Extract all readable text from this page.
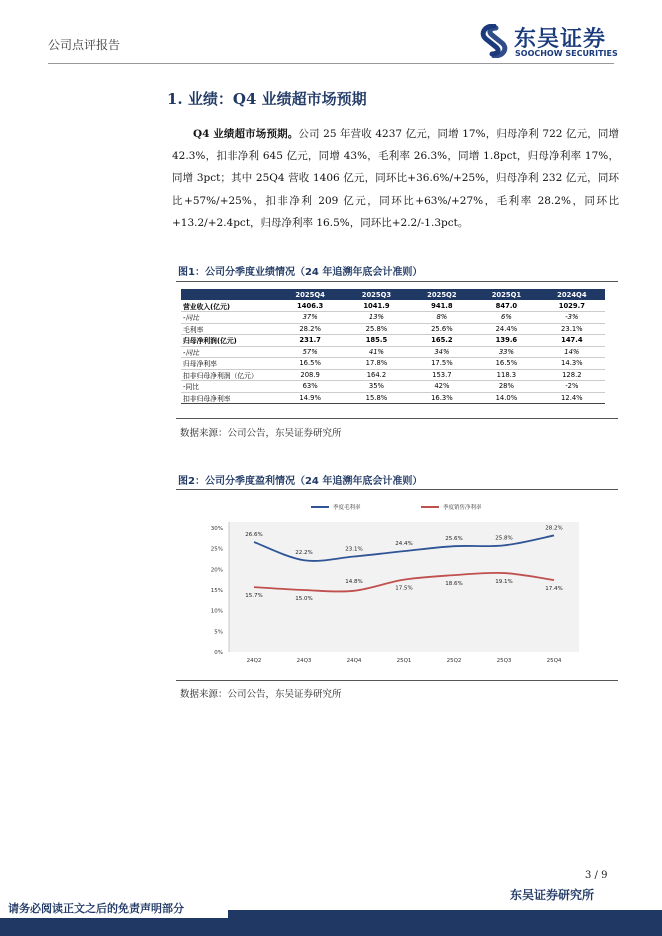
公司点评报告	东吴证券
SOOCHOW SECURITIES
1. 业绩：Q4 业绩超市场预期
Q4 业绩超市场预期。公司 25 年营收 4237 亿元，同增 17%，归母净利 722 亿元，同增 42.3%，扣非净利 645 亿元，同增 43%，毛利率 26.3%，同增 1.8pct，归母净利率 17%，同增 3pct；其中 25Q4 营收 1406 亿元，同环比+36.6%/+25%，归母净利 232 亿元，同环比+57%/+25%，扣非净利 209 亿元，同环比+63%/+27%，毛利率 28.2%，同环比+13.2/+2.4pct，归母净利率 16.5%，同环比+2.2/-1.3pct。
图1：公司分季度业绩情况（24 年追溯年底会计准则）
	2025Q4	2025Q3	2025Q2	2025Q1	2024Q4
营业收入(亿元)	1406.3	1041.9	941.8	847.0	1029.7
-同比	37%	13%	8%	6%	-3%
毛利率	28.2%	25.8%	25.6%	24.4%	23.1%
归母净利润(亿元)	231.7	185.5	165.2	139.6	147.4
-同比	57%	41%	34%	33%	14%
归母净利率	16.5%	17.8%	17.5%	16.5%	14.3%
扣非归母净利润（亿元）	208.9	164.2	153.7	118.3	128.2
-同比	63%	35%	42%	28%	-2%
扣非归母净利率	14.9%	15.8%	16.3%	14.0%	12.4%
数据来源：公司公告，东吴证券研究所
图2：公司分季度盈利情况（24 年追溯年底会计准则）
0%
5%
10%
15%
20%
25%
30%
24Q2	24Q3	24Q4	25Q1	25Q2	25Q3	25Q4
季度毛利率	季度销售净利率
26.6%
22.2%
23.1%
24.4%
25.6%	25.8%
28.2%
15.7%	15.0%
14.8%
17.5%
18.6%	19.1%
17.4%
数据来源：公司公告，东吴证券研究所
3 / 9
东吴证券研究所
请务必阅读正文之后的免责声明部分
